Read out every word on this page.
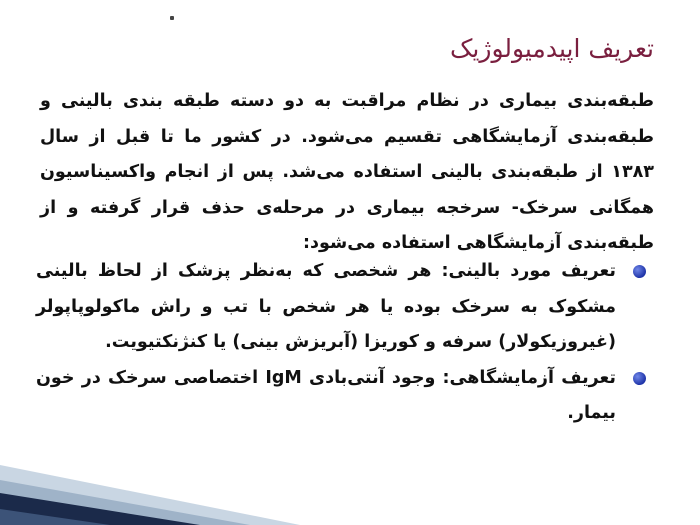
تعریف اپیدمیولوژیک
طبقه‌بندی بیماری در نظام مراقبت به دو دسته طبقه بندی بالینی و طبقه‌بندی آزمایشگاهی تقسیم می‌شود. در کشور ما تا قبل از سال ۱۳۸۳ از طبقه‌بندی بالینی استفاده می‌شد. پس از انجام واکسیناسیون همگانی سرخک- سرخجه بیماری در مرحله‌ی حذف قرار گرفته و از طبقه‌بندی آزمایشگاهی استفاده می‌شود:
تعریف مورد بالینی: هر شخصی که به‌نظر پزشک از لحاظ بالینی مشکوک به سرخک بوده یا هر شخص با تب و راش ماکولوپاپولر (غیروزیکولار) سرفه و کوریزا (آبریزش بینی) یا کنژنکتیویت.
تعریف آزمایشگاهی: وجود آنتی‌بادی IgM اختصاصی سرخک در خون بیمار.
